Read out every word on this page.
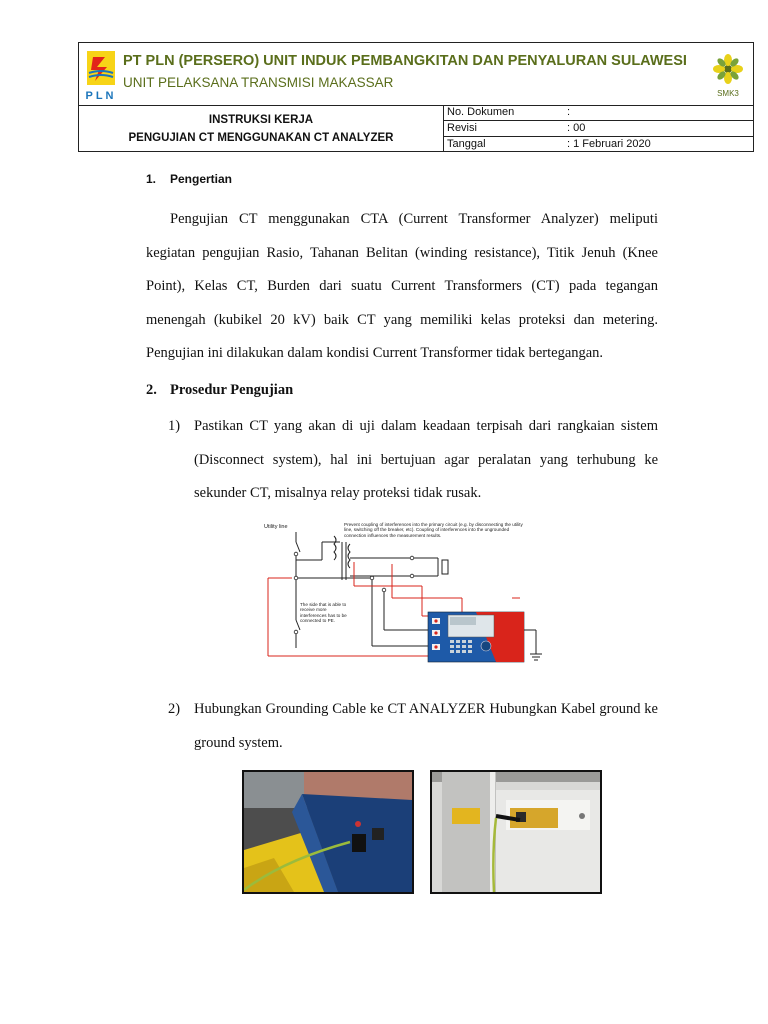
PLN
PT PLN (PERSERO) UNIT INDUK PEMBANGKITAN DAN PENYALURAN SULAWESI
UNIT PELAKSANA TRANSMISI MAKASSAR
SMK3
INSTRUKSI KERJA
PENGUJIAN CT MENGGUNAKAN CT ANALYZER
No. Dokumen	:
Revisi	: 00
Tanggal	: 1 Februari 2020
1. Pengertian

Pengujian CT menggunakan CTA (Current Transformer Analyzer) meliputi kegiatan pengujian Rasio, Tahanan Belitan (winding resistance), Titik Jenuh (Knee Point), Kelas CT, Burden dari suatu Current Transformers (CT) pada tegangan menengah (kubikel 20 kV) baik CT yang memiliki kelas proteksi dan metering. Pengujian ini dilakukan dalam kondisi Current Transformer tidak bertegangan.

2. Prosedur Pengujian
1) Pastikan CT yang akan di uji dalam keadaan terpisah dari rangkaian sistem (Disconnect system), hal ini bertujuan agar peralatan yang terhubung ke sekunder CT, misalnya relay proteksi tidak rusak.
Utility line	Prevent coupling of interferences into the primary circuit (e.g. by disconnecting the utility line, switching off the breaker, etc). Coupling of interferences into the ungrounded connection influences the measurement results.
The side that is able to receive more interferences has to be connected to PE.
2) Hubungkan Grounding Cable ke CT ANALYZER Hubungkan Kabel ground ke ground system.
